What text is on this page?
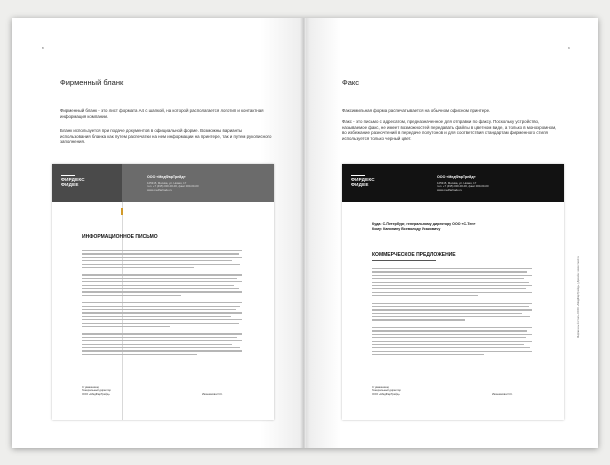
8
Фирменный бланк

Фирменный бланк - это лист формата А4 с шапкой, на которой располагается логотип и контактная информация компании.

Бланк используется при подаче документов в официальной форме. Возможны варианты использования бланка как путем распечатки на нем информации на принтере, так и путем рукописного заполнения.

ФИРДЕКС
ФИДЕЕ
ООО «МедФарТрейд»
125315, Москва, ул. Новая, 17
тел. +7 (495) 000-00-00, факс 000-00-00
www.medfartrade.ru
ИНФОРМАЦИОННОЕ ПИСЬМО
С уважением,
Генеральный директор
ООО «МедФарТрейд»	Иконникова И.С.
9
Факс

Факсимильная форма распечатывается на обычном офисном принтере.

Факс - это письмо с адресатом, предназначенное для отправки по факсу. Поскольку устройство, называемое факс, не имеет возможностей передавать файлы в цветном виде, а только в монохромном, во избежание разночтений в передаче полутонов и для соответствия стандартам фирменного стиля используется только черный цвет.

Фирменный стиль ООО «МедФарТрейд» | Дизайн: www.med.ru
ФИРДЕКС
ФИДЕЕ
ООО «МедФарТрейд»
125315, Москва, ул. Новая, 17
тел. +7 (495) 000-00-00, факс 000-00-00
www.medfartrade.ru
Куда: С-Петербург, генеральному директору ООО «С-Тен»
Кому: Капинину Всеволоду Усаковичу
КОММЕРЧЕСКОЕ ПРЕДЛОЖЕНИЕ
С уважением,
Генеральный директор
ООО «МедФарТрейд»	Иконникова И.С.
